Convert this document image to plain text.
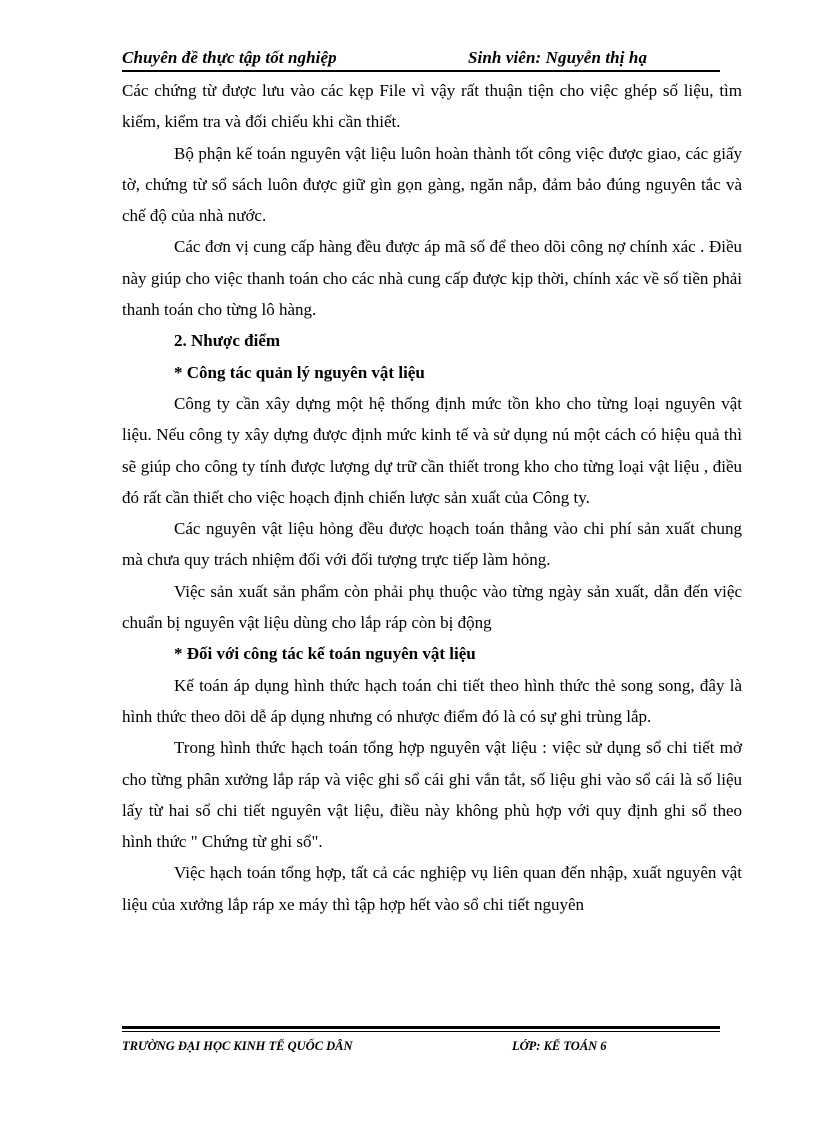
Chuyên đề thực tập tốt nghiệp	Sinh viên: Nguyễn thị hạ

Các chứng từ được lưu vào các kẹp File vì vậy rất thuận tiện cho việc ghép số liệu, tìm kiếm, kiểm tra và đối chiếu khi cần thiết.

Bộ phận kế toán nguyên vật liệu luôn hoàn thành tốt công việc được giao, các giấy tờ, chứng từ sổ sách luôn được giữ gìn gọn gàng, ngăn nắp, đảm bảo đúng nguyên tắc và chế độ của nhà nước.

Các đơn vị cung cấp hàng đều được áp mã số để theo dõi công nợ chính xác . Điều này giúp cho việc thanh toán cho các nhà cung cấp được kịp thời, chính xác về số tiền phải thanh toán cho từng lô hàng.

2. Nhược điểm

* Công tác quản lý nguyên vật liệu

Công ty cần xây dựng một hệ thống định mức tồn kho cho từng loại nguyên vật liệu. Nếu công ty xây dựng được định mức kinh tế và sử dụng nú một cách có hiệu quả thì sẽ giúp cho công ty tính được lượng dự trữ cần thiết trong kho cho từng loại vật liệu , điều đó rất cần thiết cho việc hoạch định chiến lược sản xuất của Công ty.

Các nguyên vật liệu hỏng đều được hoạch toán thẳng vào chi phí sản xuất chung mà chưa quy trách nhiệm đối với đối tượng trực tiếp làm hỏng.

Việc sản xuất sản phẩm còn phải phụ thuộc vào từng ngày sản xuất, dẫn đến việc chuẩn bị nguyên vật liệu dùng cho lắp ráp còn bị động

* Đối với công tác kế toán nguyên vật liệu

Kế toán áp dụng hình thức hạch toán chi tiết theo hình thức thẻ song song, đây là hình thức theo dõi dễ áp dụng nhưng có nhược điểm đó là có sự ghi trùng lắp.

Trong hình thức hạch toán tổng hợp nguyên vật liệu : việc sử dụng sổ chi tiết mở cho từng phân xưởng lắp ráp và việc ghi sổ cái ghi vắn tắt, số liệu ghi vào sổ cái là số liệu lấy từ hai sổ chi tiết nguyên vật liệu, điều này không phù hợp với quy định ghi sổ theo hình thức " Chứng từ ghi sổ".

Việc hạch toán tổng hợp, tất cả các nghiệp vụ liên quan đến nhập, xuất nguyên vật liệu của xưởng lắp ráp xe máy thì tập hợp hết vào sổ chi tiết nguyên

TRƯỜNG ĐẠI HỌC KINH TẾ QUỐC DÂN	LỚP: KẾ TOÁN 6
